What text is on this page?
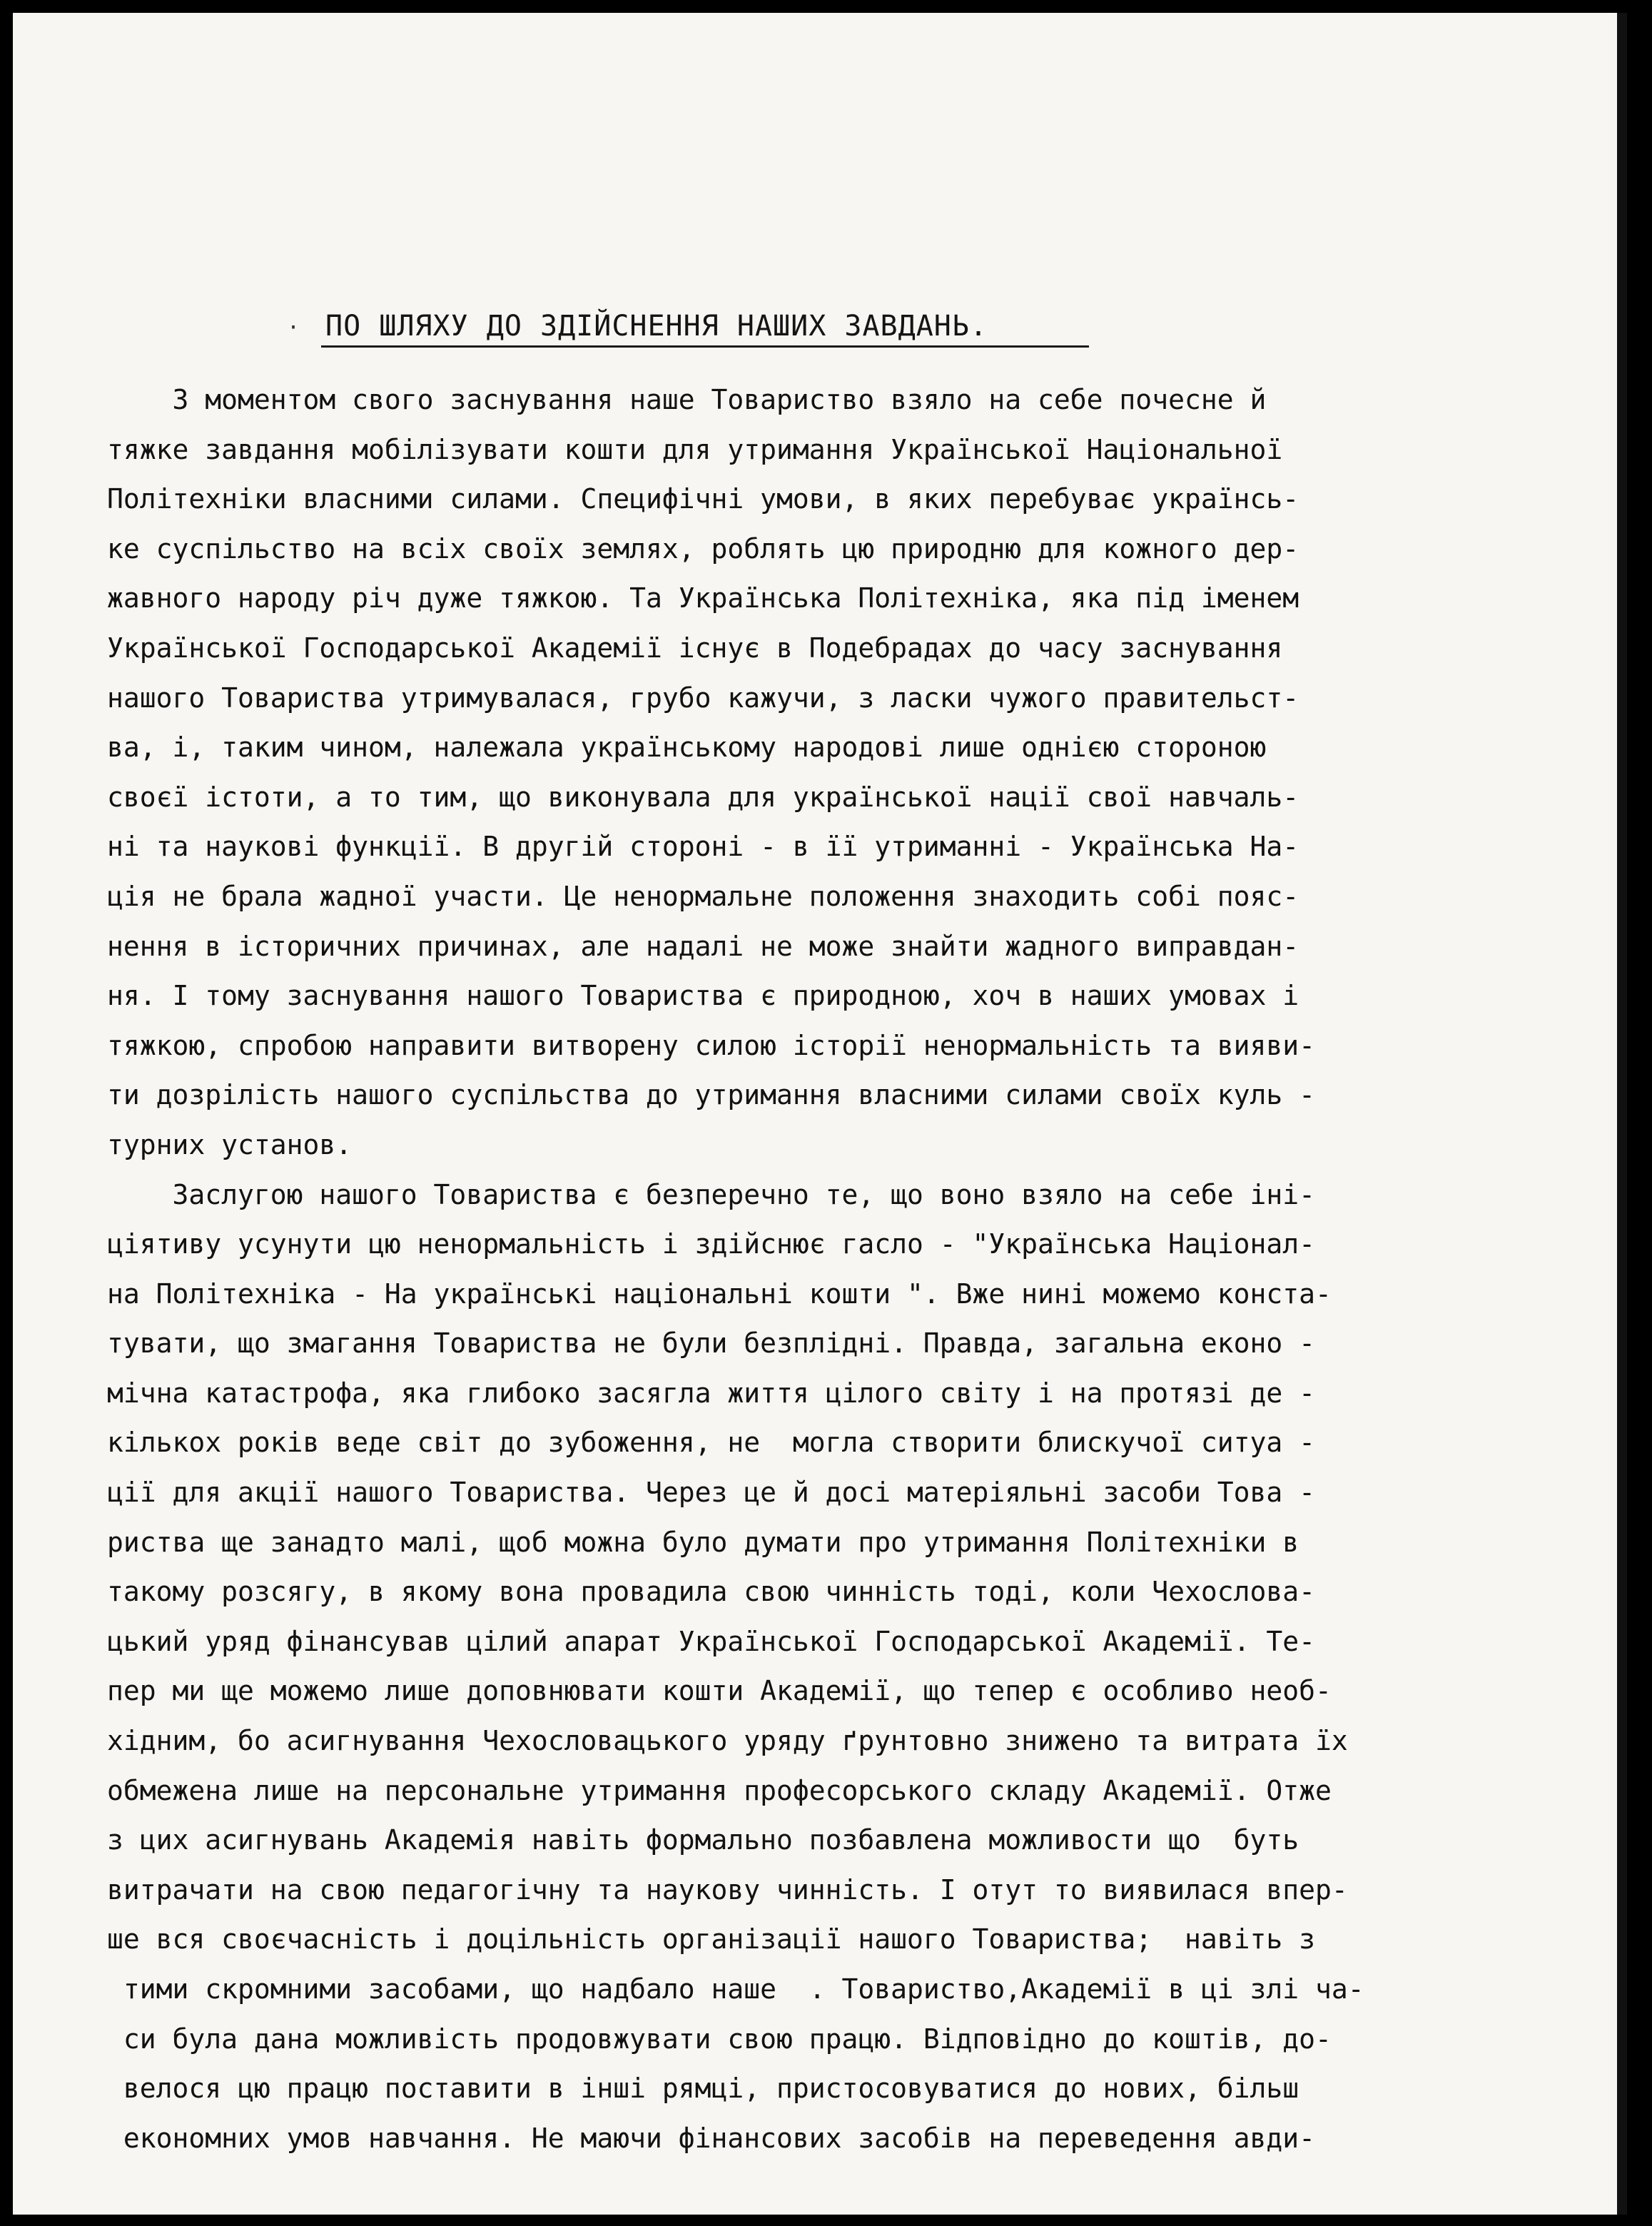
· ПО ШЛЯХУ ДО ЗДІЙСНЕННЯ НАШИХ ЗАВДАНЬ.
З моментом свого заснування наше Товариство взяло на себе почесне й
тяжке завдання мобілізувати кошти для утримання Української Національної
Політехніки власними силами. Специфічні умови, в яких перебуває українсь-
ке суспільство на всіх своїх землях, роблять цю природню для кожного дер-
жавного народу річ дуже тяжкою. Та Українська Політехніка, яка під іменем
Української Господарської Академії існує в Подебрадах до часу заснування
нашого Товариства утримувалася, грубо кажучи, з ласки чужого правительст-
ва, і, таким чином, належала українському народові лише однією стороною
своєї істоти, а то тим, що виконувала для української нації свої навчаль-
ні та наукові функції. В другій стороні - в її утриманні - Українська На-
ція не брала жадної участи. Це ненормальне положення знаходить собі пояс-
нення в історичних причинах, але надалі не може знайти жадного виправдан-
ня. І тому заснування нашого Товариства є природною, хоч в наших умовах і
тяжкою, спробою направити витворену силою історії ненормальність та вияви-
ти дозрілість нашого суспільства до утримання власними силами своїх куль -
турних установ.
Заслугою нашого Товариства є безперечно те, що воно взяло на себе іні-
ціятиву усунути цю ненормальність і здійснює гасло - "Українська Націонал-
на Політехніка - На українські національні кошти ". Вже нині можемо конста-
тувати, що змагання Товариства не були безплідні. Правда, загальна еконо -
мічна катастрофа, яка глибоко засягла життя цілого світу і на протязі де -
кількох років веде світ до зубоження, не  могла створити блискучої ситуа -
ції для акції нашого Товариства. Через це й досі матеріяльні засоби Това -
риства ще занадто малі, щоб можна було думати про утримання Політехніки в
такому розсягу, в якому вона провадила свою чинність тоді, коли Чехослова-
цький уряд фінансував цілий апарат Української Господарської Академії. Те-
пер ми ще можемо лише доповнювати кошти Академії, що тепер є особливо необ-
хідним, бо асигнування Чехословацького уряду ґрунтовно знижено та витрата їх
обмежена лише на персональне утримання професорського складу Академії. Отже
з цих асигнувань Академія навіть формально позбавлена можливости що  буть
витрачати на свою педагогічну та наукову чинність. І отут то виявилася впер-
ше вся своєчасність і доцільність організації нашого Товариства;  навіть з
тими скромними засобами, що надбало наше  . Товариство,Академії в ці злі ча-
си була дана можливість продовжувати свою працю. Відповідно до коштів, до-
велося цю працю поставити в інші рямці, пристосовуватися до нових, більш
економних умов навчання. Не маючи фінансових засобів на переведення авди-
